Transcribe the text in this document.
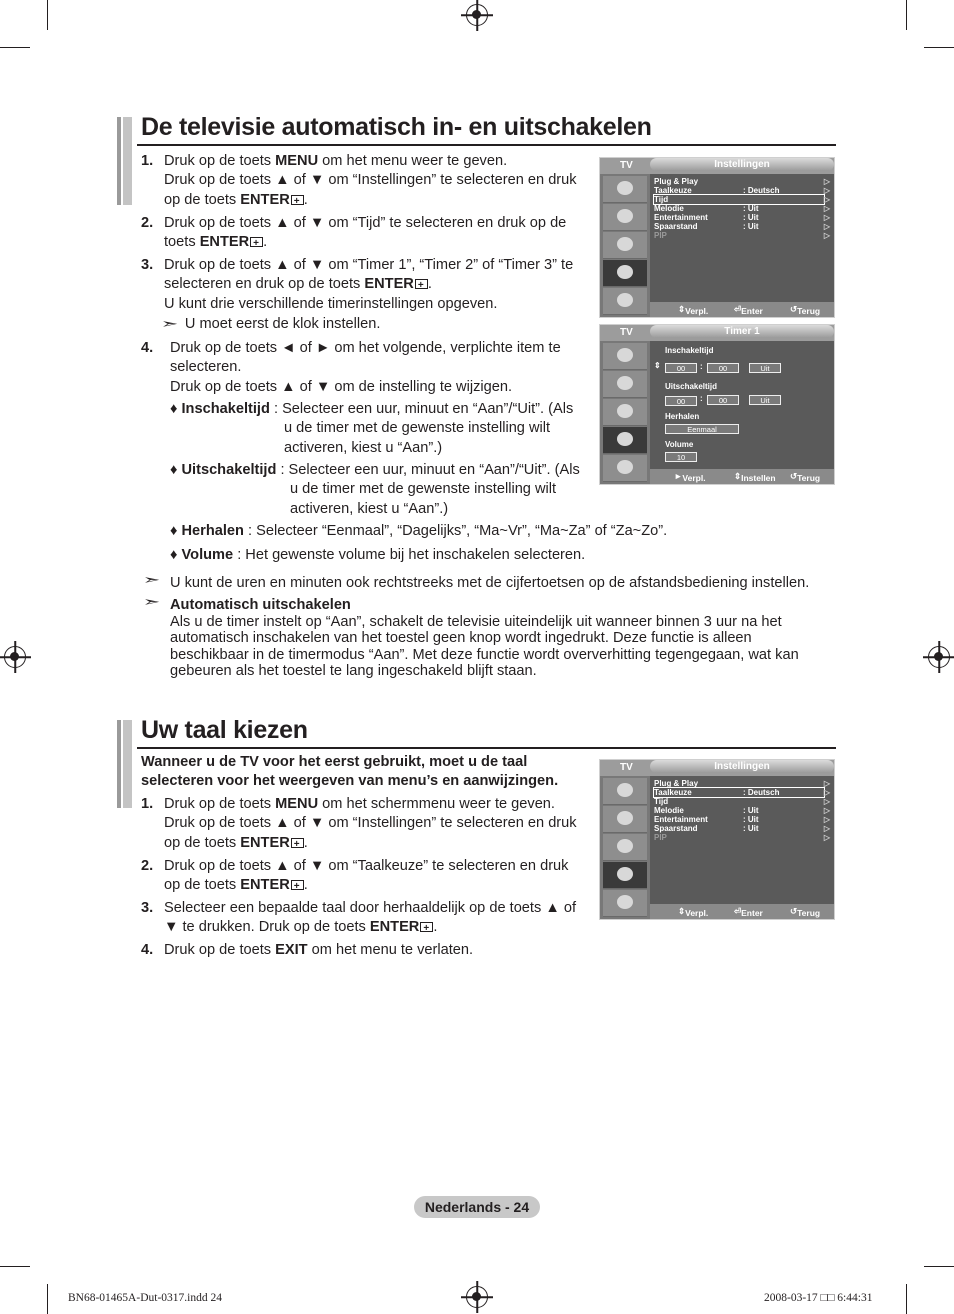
De televisie automatisch in- en uitschakelen
1. Druk op de toets MENU om het menu weer te geven.
Druk op de toets ▲ of ▼ om “Instellingen” te selecteren en druk
op de toets ENTER + .
2. Druk op de toets ▲ of ▼ om “Tijd” te selecteren en druk op de
toets ENTER + .
3. Druk op de toets ▲ of ▼ om “Timer 1”, “Timer 2” of “Timer 3” te
selecteren en druk op de toets ENTER + .
U kunt drie verschillende timerinstellingen opgeven.
➣ U moet eerst de klok instellen.
4. Druk op de toets ◄ of ► om het volgende, verplichte item te
selecteren.
Druk op de toets ▲ of ▼ om de instelling te wijzigen.
♦ Inschakeltijd : Selecteer een uur, minuut en “Aan”/“Uit”. (Als
u de timer met de gewenste instelling wilt
activeren, kiest u “Aan”.)
♦ Uitschakeltijd : Selecteer een uur, minuut en “Aan”/“Uit”. (Als
u de timer met de gewenste instelling wilt
activeren, kiest u “Aan”.)
♦ Herhalen : Selecteer “Eenmaal”, “Dagelijks”, “Ma~Vr”, “Ma~Za” of “Za~Zo”.
♦ Volume : Het gewenste volume bij het inschakelen selecteren.
➣ U kunt de uren en minuten ook rechtstreeks met de cijfertoetsen op de afstandsbediening instellen.
➣ Automatisch uitschakelen
Als u de timer instelt op “Aan”, schakelt de televisie uiteindelijk uit wanneer binnen 3 uur na het
automatisch inschakelen van het toestel geen knop wordt ingedrukt. Deze functie is alleen
beschikbaar in de timermodus “Aan”. Met deze functie wordt oververhitting tegengegaan, wat kan
gebeuren als het toestel te lang ingeschakeld blijft staan.
TV	Instellingen
Plug & Play	▷
Taalkeuze	: Deutsch	▷
Tijd	▷
Melodie	: Uit	▷
Entertainment	: Uit	▷
Spaarstand	: Uit	▷
PIP	▷
⇕ Verpl.	⏎ Enter	↺ Terug
TV	Timer 1
Inschakeltijd
⇕	00	:	00	Uit
Uitschakeltijd
00	:	00	Uit
Herhalen
Eenmaal
Volume
10
► Verpl.	⇕ Instellen ↺ Terug
Uw taal kiezen
Wanneer u de TV voor het eerst gebruikt, moet u de taal
selecteren voor het weergeven van menu’s en aanwijzingen.
1. Druk op de toets MENU om het schermmenu weer te geven.
Druk op de toets ▲ of ▼ om “Instellingen” te selecteren en druk
op de toets ENTER + .
2. Druk op de toets ▲ of ▼ om “Taalkeuze” te selecteren en druk
op de toets ENTER + .
3. Selecteer een bepaalde taal door herhaaldelijk op de toets ▲ of
▼ te drukken. Druk op de toets ENTER + .
4. Druk op de toets EXIT om het menu te verlaten.
TV	Instellingen
Plug & Play	▷
Taalkeuze	: Deutsch	▷
Tijd	▷
Melodie	: Uit	▷
Entertainment	: Uit	▷
Spaarstand	: Uit	▷
PIP	▷
⇕ Verpl.	⏎ Enter	↺ Terug
Nederlands - 24
BN68-01465A-Dut-0317.indd 24	2008-03-17 □□ 6:44:31
